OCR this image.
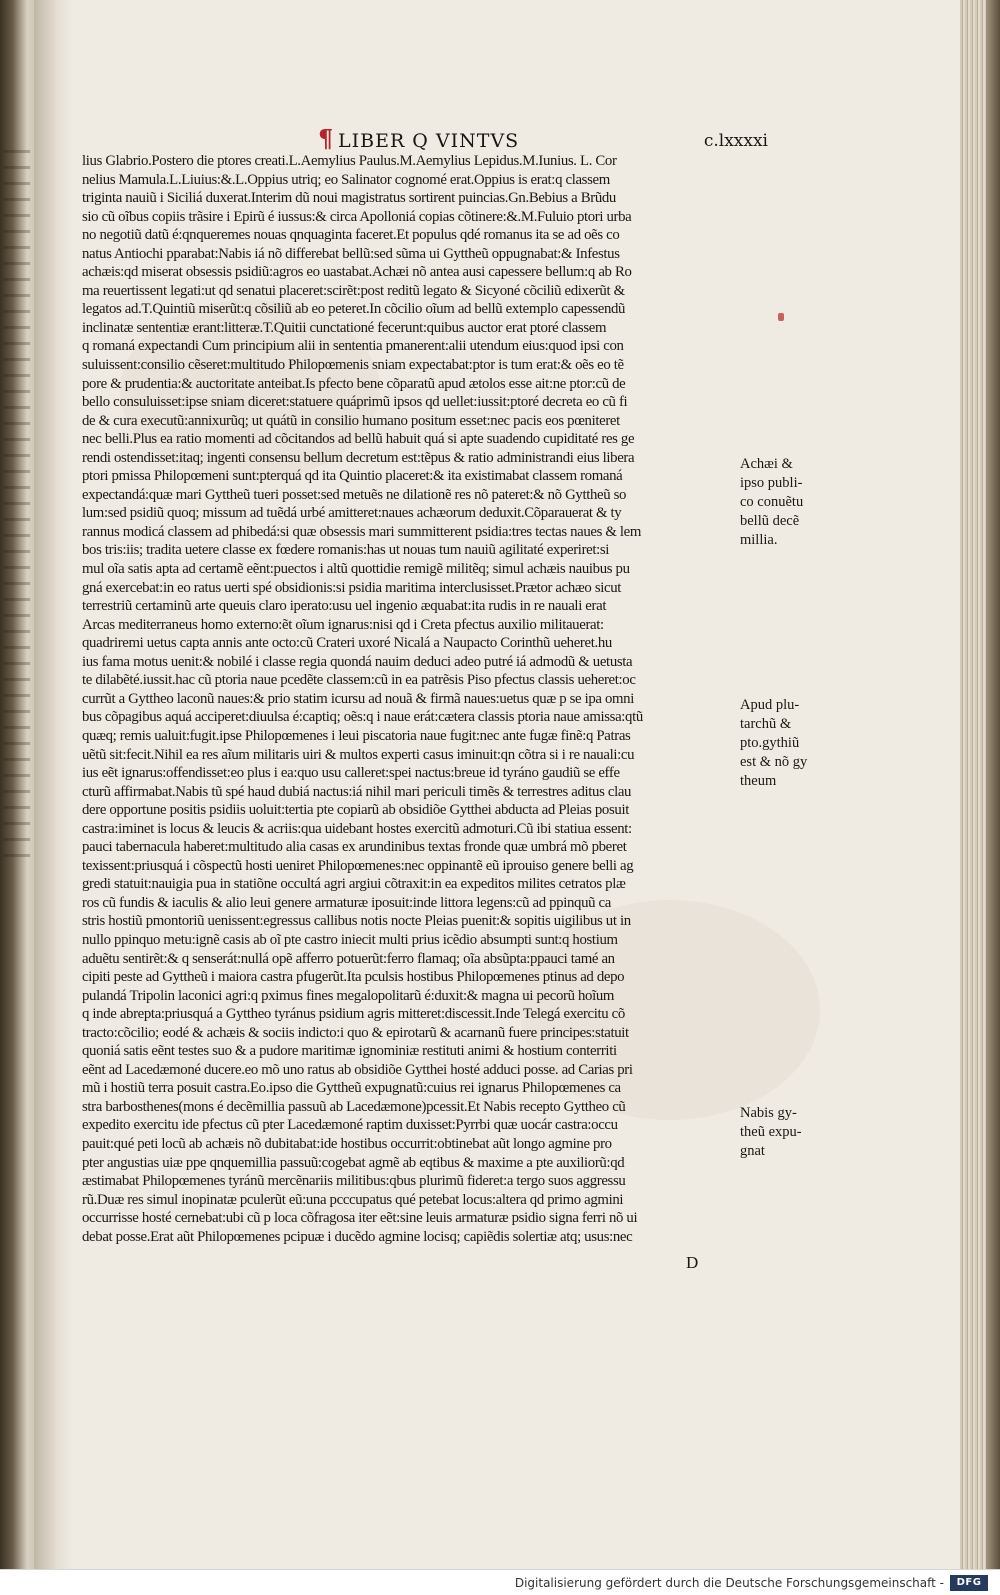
¶ LIBER Q VINTVS	c.lxxxxi
lius Glabrio.Postero die ptores creati.L.Aemylius Paulus.M.Aemylius Lepidus.M.Iunius. L. Cor
nelius Mamula.L.Liuius:&.L.Oppius utriq; eo Salinator cognomé erat.Oppius is erat:q classem
triginta nauiũ i Siciliá duxerat.Interim dũ noui magistratus sortirent puincias.Gn.Bebius a Brũdu
sio cũ oĩbus copiis trãsire i Epirũ é iussus:& circa Apolloniá copias cõtinere:&.M.Fuluio ptori urba
no negotiũ datũ é:qnqueremes nouas qnquaginta faceret.Et populus qdé romanus ita se ad oẽs co
natus Antiochi pparabat:Nabis iá nõ differebat bellũ:sed sũma ui Gyttheũ oppugnabat:& Infestus
achæis:qd miserat obsessis psidiũ:agros eo uastabat.Achæi nõ antea ausi capessere bellum:q ab Ro
ma reuertissent legati:ut qd senatui placeret:scirẽt:post reditũ legato & Sicyoné cõciliũ edixerũt &
legatos ad.T.Quintiũ miserũt:q cõsiliũ ab eo peteret.In cõcilio oĩum ad bellũ extemplo capessendũ
inclinatæ sententiæ erant:litteræ.T.Quitii cunctationé fecerunt:quibus auctor erat ptoré classem
q romaná expectandi Cum principium alii in sententia pmanerent:alii utendum eius:quod ipsi con
suluissent:consilio cẽseret:multitudo Philopœmenis sniam expectabat:ptor is tum erat:& oẽs eo tẽ
pore & prudentia:& auctoritate anteibat.Is pfecto bene cõparatũ apud ætolos esse ait:ne ptor:cũ de
bello consuluisset:ipse sniam diceret:statuere quáprimũ ipsos qd uellet:iussit:ptoré decreta eo cũ fi
de & cura executũ:annixurũq; ut quátũ in consilio humano positum esset:nec pacis eos pœniteret
nec belli.Plus ea ratio momenti ad cõcitandos ad bellũ habuit quá si apte suadendo cupiditaté res ge
rendi ostendisset:itaq; ingenti consensu bellum decretum est:tẽpus & ratio administrandi eius libera
ptori pmissa Philopœmeni sunt:pterquá qd ita Quintio placeret:& ita existimabat classem romaná
expectandá:quæ mari Gyttheũ tueri posset:sed metuẽs ne dilationẽ res nõ pateret:& nõ Gyttheũ so
lum:sed psidiũ quoq; missum ad tuẽdá urbé amitteret:naues achæorum deduxit.Cõparauerat & ty
rannus modicá classem ad phibedá:si quæ obsessis mari summitterent psidia:tres tectas naues & lem
bos tris:iis; tradita uetere classe ex fœdere romanis:has ut nouas tum nauiũ agilitaté experiret:si
mul oĩa satis apta ad certamẽ eẽnt:puectos i altũ quottidie remigẽ militẽq; simul achæis nauibus pu
gná exercebat:in eo ratus uerti spé obsidionis:si psidia maritima interclusisset.Prætor achæo sicut
terrestriũ certaminũ arte queuis claro iperato:usu uel ingenio æquabat:ita rudis in re nauali erat
Arcas mediterraneus homo externo:ẽt oĩum ignarus:nisi qd i Creta pfectus auxilio militauerat:
quadriremi uetus capta annis ante octo:cũ Crateri uxoré Nicalá a Naupacto Corinthũ ueheret.hu
ius fama motus uenit:& nobilé i classe regia quondá nauim deduci adeo putré iá admodũ & uetusta
te dilabẽté.iussit.hac cũ ptoria naue pcedẽte classem:cũ in ea patrẽsis Piso pfectus classis ueheret:oc
currũt a Gyttheo laconũ naues:& prio statim icursu ad nouã & firmã naues:uetus quæ p se ipa omni
bus cõpagibus aquá acciperet:diuulsa é:captiq; oẽs:q i naue erát:cætera classis ptoria naue amissa:qtũ
quæq; remis ualuit:fugit.ipse Philopœmenes i leui piscatoria naue fugit:nec ante fugæ finẽ:q Patras
uẽtũ sit:fecit.Nihil ea res aĩum militaris uiri & multos experti casus iminuit:qn cõtra si i re nauali:cu
ius eẽt ignarus:offendisset:eo plus i ea:quo usu calleret:spei nactus:breue id tyráno gaudiũ se effe
cturũ affirmabat.Nabis tũ spé haud dubiá nactus:iá nihil mari periculi timẽs & terrestres aditus clau
dere opportune positis psidiis uoluit:tertia pte copiarũ ab obsidiõe Gytthei abducta ad Pleias posuit
castra:iminet is locus & leucis & acriis:qua uidebant hostes exercitũ admoturi.Cũ ibi statiua essent:
pauci tabernacula haberet:multitudo alia casas ex arundinibus textas fronde quæ umbrá mõ pberet
texissent:priusquá i cõspectũ hosti ueniret Philopœmenes:nec oppinantẽ eũ iprouiso genere belli ag
gredi statuit:nauigia pua in statiõne occultá agri argiui cõtraxit:in ea expeditos milites cetratos plæ
ros cũ fundis & iaculis & alio leui genere armaturæ iposuit:inde littora legens:cũ ad ppinquũ ca
stris hostiũ pmontoriũ uenissent:egressus callibus notis nocte Pleias puenit:& sopitis uigilibus ut in
nullo ppinquo metu:ignẽ casis ab oĩ pte castro iniecit multi prius icẽdio absumpti sunt:q hostium
aduẽtu sentirẽt:& q senserát:nullá opẽ afferro potuerũt:ferro flamaq; oĩa absũpta:ppauci tamé an
cipiti peste ad Gyttheũ i maiora castra pfugerũt.Ita pculsis hostibus Philopœmenes ptinus ad depo
pulandá Tripolin laconici agri:q pximus fines megalopolitarũ é:duxit:& magna ui pecorũ hoĩum
q inde abrepta:priusquá a Gyttheo tyránus psidium agris mitteret:discessit.Inde Telegá exercitu cõ
tracto:cõcilio; eodé & achæis & sociis indicto:i quo & epirotarũ & acarnanũ fuere principes:statuit
quoniá satis eẽnt testes suo & a pudore maritimæ ignominiæ restituti animi & hostium conterriti
eẽnt ad Lacedæmoné ducere.eo mõ uno ratus ab obsidiõe Gytthei hosté adduci posse. ad Carias pri
mũ i hostiũ terra posuit castra.Eo.ipso die Gyttheũ expugnatũ:cuius rei ignarus Philopœmenes ca
stra barbosthenes(mons é decẽmillia passuũ ab Lacedæmone)pcessit.Et Nabis recepto Gyttheo cũ
expedito exercitu ide pfectus cũ pter Lacedæmoné raptim duxisset:Pyrrbi quæ uocár castra:occu
pauit:qué peti locũ ab achæis nõ dubitabat:ide hostibus occurrit:obtinebat aũt longo agmine pro
pter angustias uiæ ppe qnquemillia passuũ:cogebat agmẽ ab eqtibus & maxime a pte auxiliorũ:qd
æstimabat Philopœmenes tyránũ mercẽnariis militibus:qbus plurimũ fideret:a tergo suos aggressu
rũ.Duæ res simul inopinatæ pculerũt eũ:una pcccupatus qué petebat locus:altera qd primo agmini
occurrisse hosté cernebat:ubi cũ p loca cõfragosa iter eẽt:sine leuis armaturæ psidio signa ferri nõ ui
debat posse.Erat aũt Philopœmenes pcipuæ i ducẽdo agmine locisq; capiẽdis solertiæ atq; usus:nec
Achæi &
ipso publi-
co conuẽtu
bellũ decẽ
millia.
Apud plu-
tarchũ &
pto.gythiũ
est & nõ gy
theum
Nabis gy-
theũ expu-
gnat
D
Digitalisierung gefördert durch die Deutsche Forschungsgemeinschaft -	DFG
